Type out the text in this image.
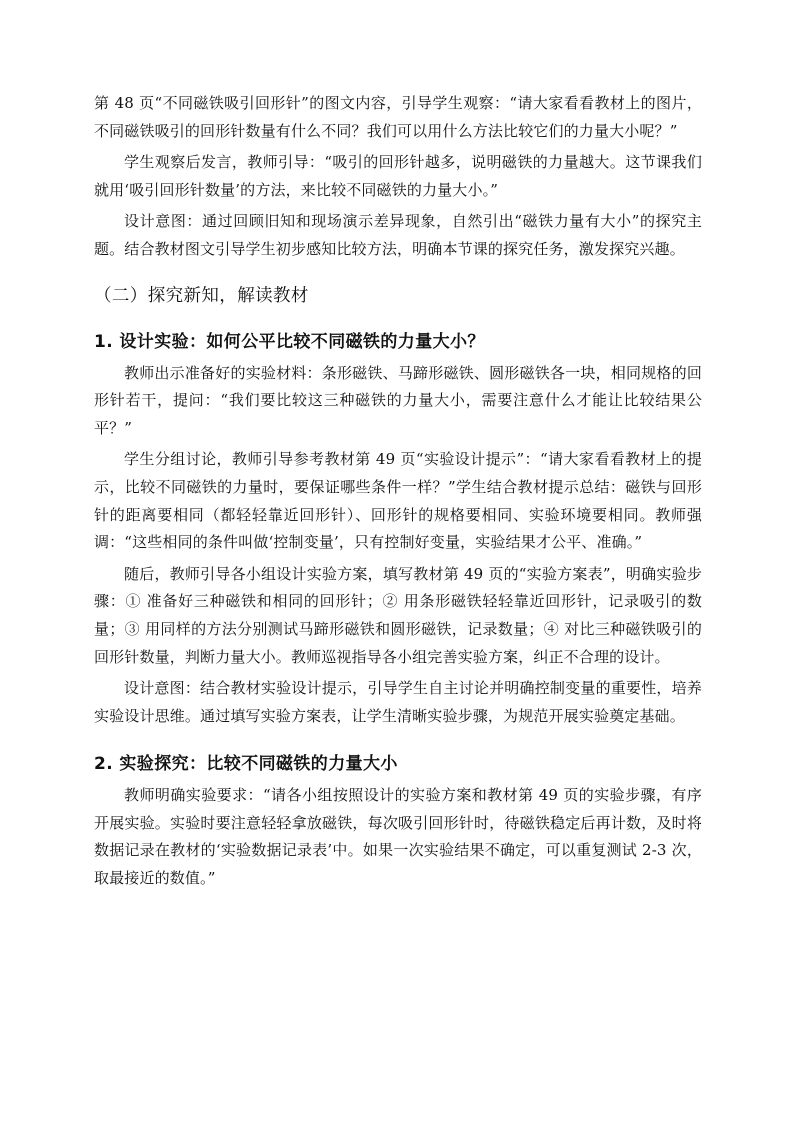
第 48 页“不同磁铁吸引回形针”的图文内容，引导学生观察：“请大家看看教材上的图片，不同磁铁吸引的回形针数量有什么不同？我们可以用什么方法比较它们的力量大小呢？”

学生观察后发言，教师引导：“吸引的回形针越多，说明磁铁的力量越大。这节课我们就用‘吸引回形针数量’的方法，来比较不同磁铁的力量大小。”

设计意图：通过回顾旧知和现场演示差异现象，自然引出“磁铁力量有大小”的探究主题。结合教材图文引导学生初步感知比较方法，明确本节课的探究任务，激发探究兴趣。

（二）探究新知，解读教材
1. 设计实验：如何公平比较不同磁铁的力量大小？

教师出示准备好的实验材料：条形磁铁、马蹄形磁铁、圆形磁铁各一块，相同规格的回形针若干，提问：“我们要比较这三种磁铁的力量大小，需要注意什么才能让比较结果公平？”

学生分组讨论，教师引导参考教材第 49 页“实验设计提示”：“请大家看看教材上的提示，比较不同磁铁的力量时，要保证哪些条件一样？”学生结合教材提示总结：磁铁与回形针的距离要相同（都轻轻靠近回形针）、回形针的规格要相同、实验环境要相同。教师强调：“这些相同的条件叫做‘控制变量’，只有控制好变量，实验结果才公平、准确。”

随后，教师引导各小组设计实验方案，填写教材第 49 页的“实验方案表”，明确实验步骤：① 准备好三种磁铁和相同的回形针；② 用条形磁铁轻轻靠近回形针，记录吸引的数量；③ 用同样的方法分别测试马蹄形磁铁和圆形磁铁，记录数量；④ 对比三种磁铁吸引的回形针数量，判断力量大小。教师巡视指导各小组完善实验方案，纠正不合理的设计。

设计意图：结合教材实验设计提示，引导学生自主讨论并明确控制变量的重要性，培养实验设计思维。通过填写实验方案表，让学生清晰实验步骤，为规范开展实验奠定基础。

2. 实验探究：比较不同磁铁的力量大小

教师明确实验要求：“请各小组按照设计的实验方案和教材第 49 页的实验步骤，有序开展实验。实验时要注意轻轻拿放磁铁，每次吸引回形针时，待磁铁稳定后再计数，及时将数据记录在教材的‘实验数据记录表’中。如果一次实验结果不确定，可以重复测试 2-3 次，取最接近的数值。”
